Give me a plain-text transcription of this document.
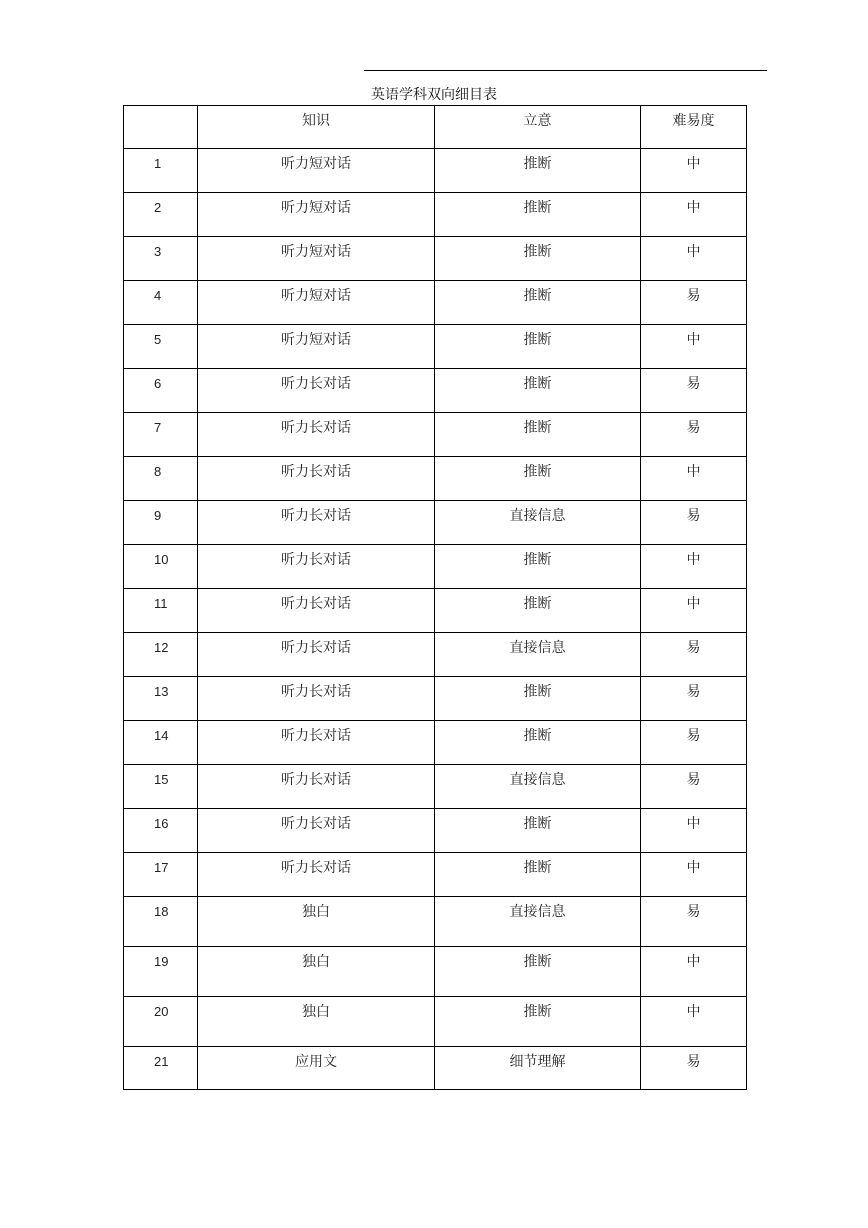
英语学科双向细目表

	知识	立意	难易度

1	听力短对话	推断	中

2	听力短对话	推断	中

3	听力短对话	推断	中

4	听力短对话	推断	易

5	听力短对话	推断	中

6	听力长对话	推断	易

7	听力长对话	推断	易

8	听力长对话	推断	中

9	听力长对话	直接信息	易

10	听力长对话	推断	中

11	听力长对话	推断	中

12	听力长对话	直接信息	易

13	听力长对话	推断	易

14	听力长对话	推断	易

15	听力长对话	直接信息	易

16	听力长对话	推断	中

17	听力长对话	推断	中

18	独白	直接信息	易

19	独白	推断	中

20	独白	推断	中

21	应用文	细节理解	易
